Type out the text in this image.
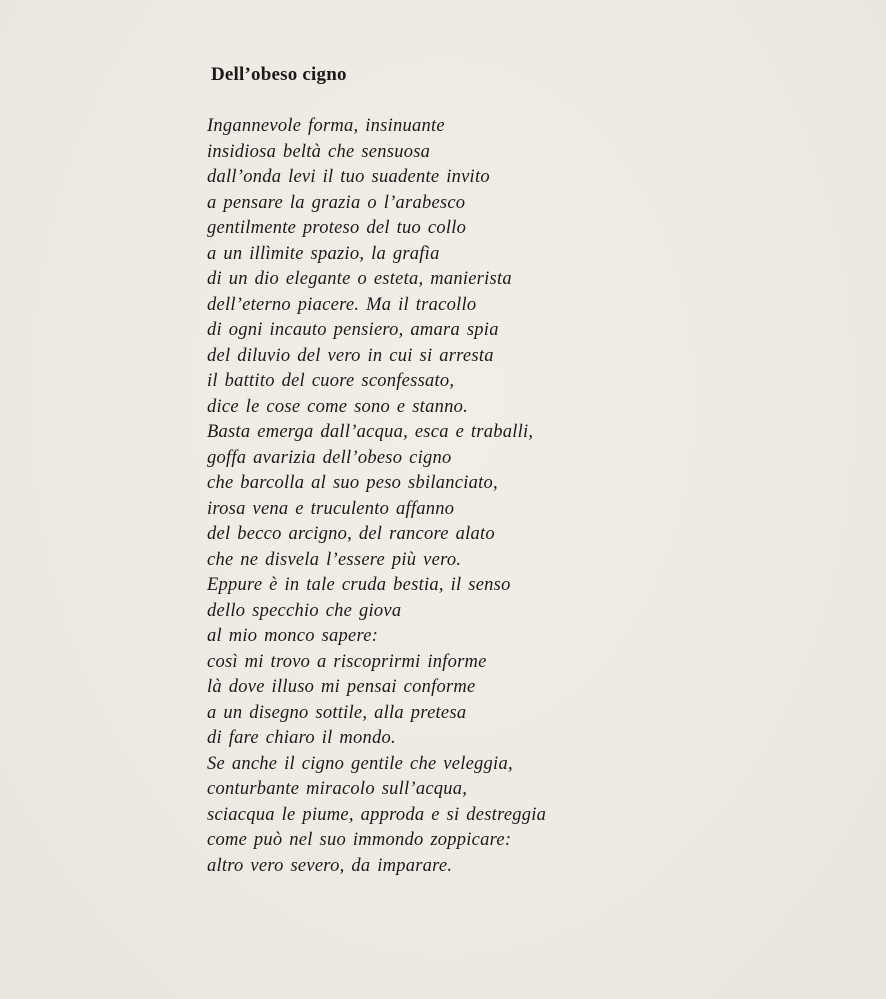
Dell’obeso cigno
Ingannevole forma, insinuante
insidiosa beltà che sensuosa
dall’onda levi il tuo suadente invito
a pensare la grazia o l’arabesco
gentilmente proteso del tuo collo
a un illìmite spazio, la grafìa
di un dio elegante o esteta, manierista
dell’eterno piacere. Ma il tracollo
di ogni incauto pensiero, amara spia
del diluvio del vero in cui si arresta
il battito del cuore sconfessato,
dice le cose come sono e stanno.
Basta emerga dall’acqua, esca e traballi,
goffa avarizia dell’obeso cigno
che barcolla al suo peso sbilanciato,
irosa vena e truculento affanno
del becco arcigno, del rancore alato
che ne disvela l’essere più vero.
Eppure è in tale cruda bestia, il senso
dello specchio che giova
al mio monco sapere:
così mi trovo a riscoprirmi informe
là dove illuso mi pensai conforme
a un disegno sottile, alla pretesa
di fare chiaro il mondo.
Se anche il cigno gentile che veleggia,
conturbante miracolo sull’acqua,
sciacqua le piume, approda e si destreggia
come può nel suo immondo zoppicare:
altro vero severo, da imparare.
